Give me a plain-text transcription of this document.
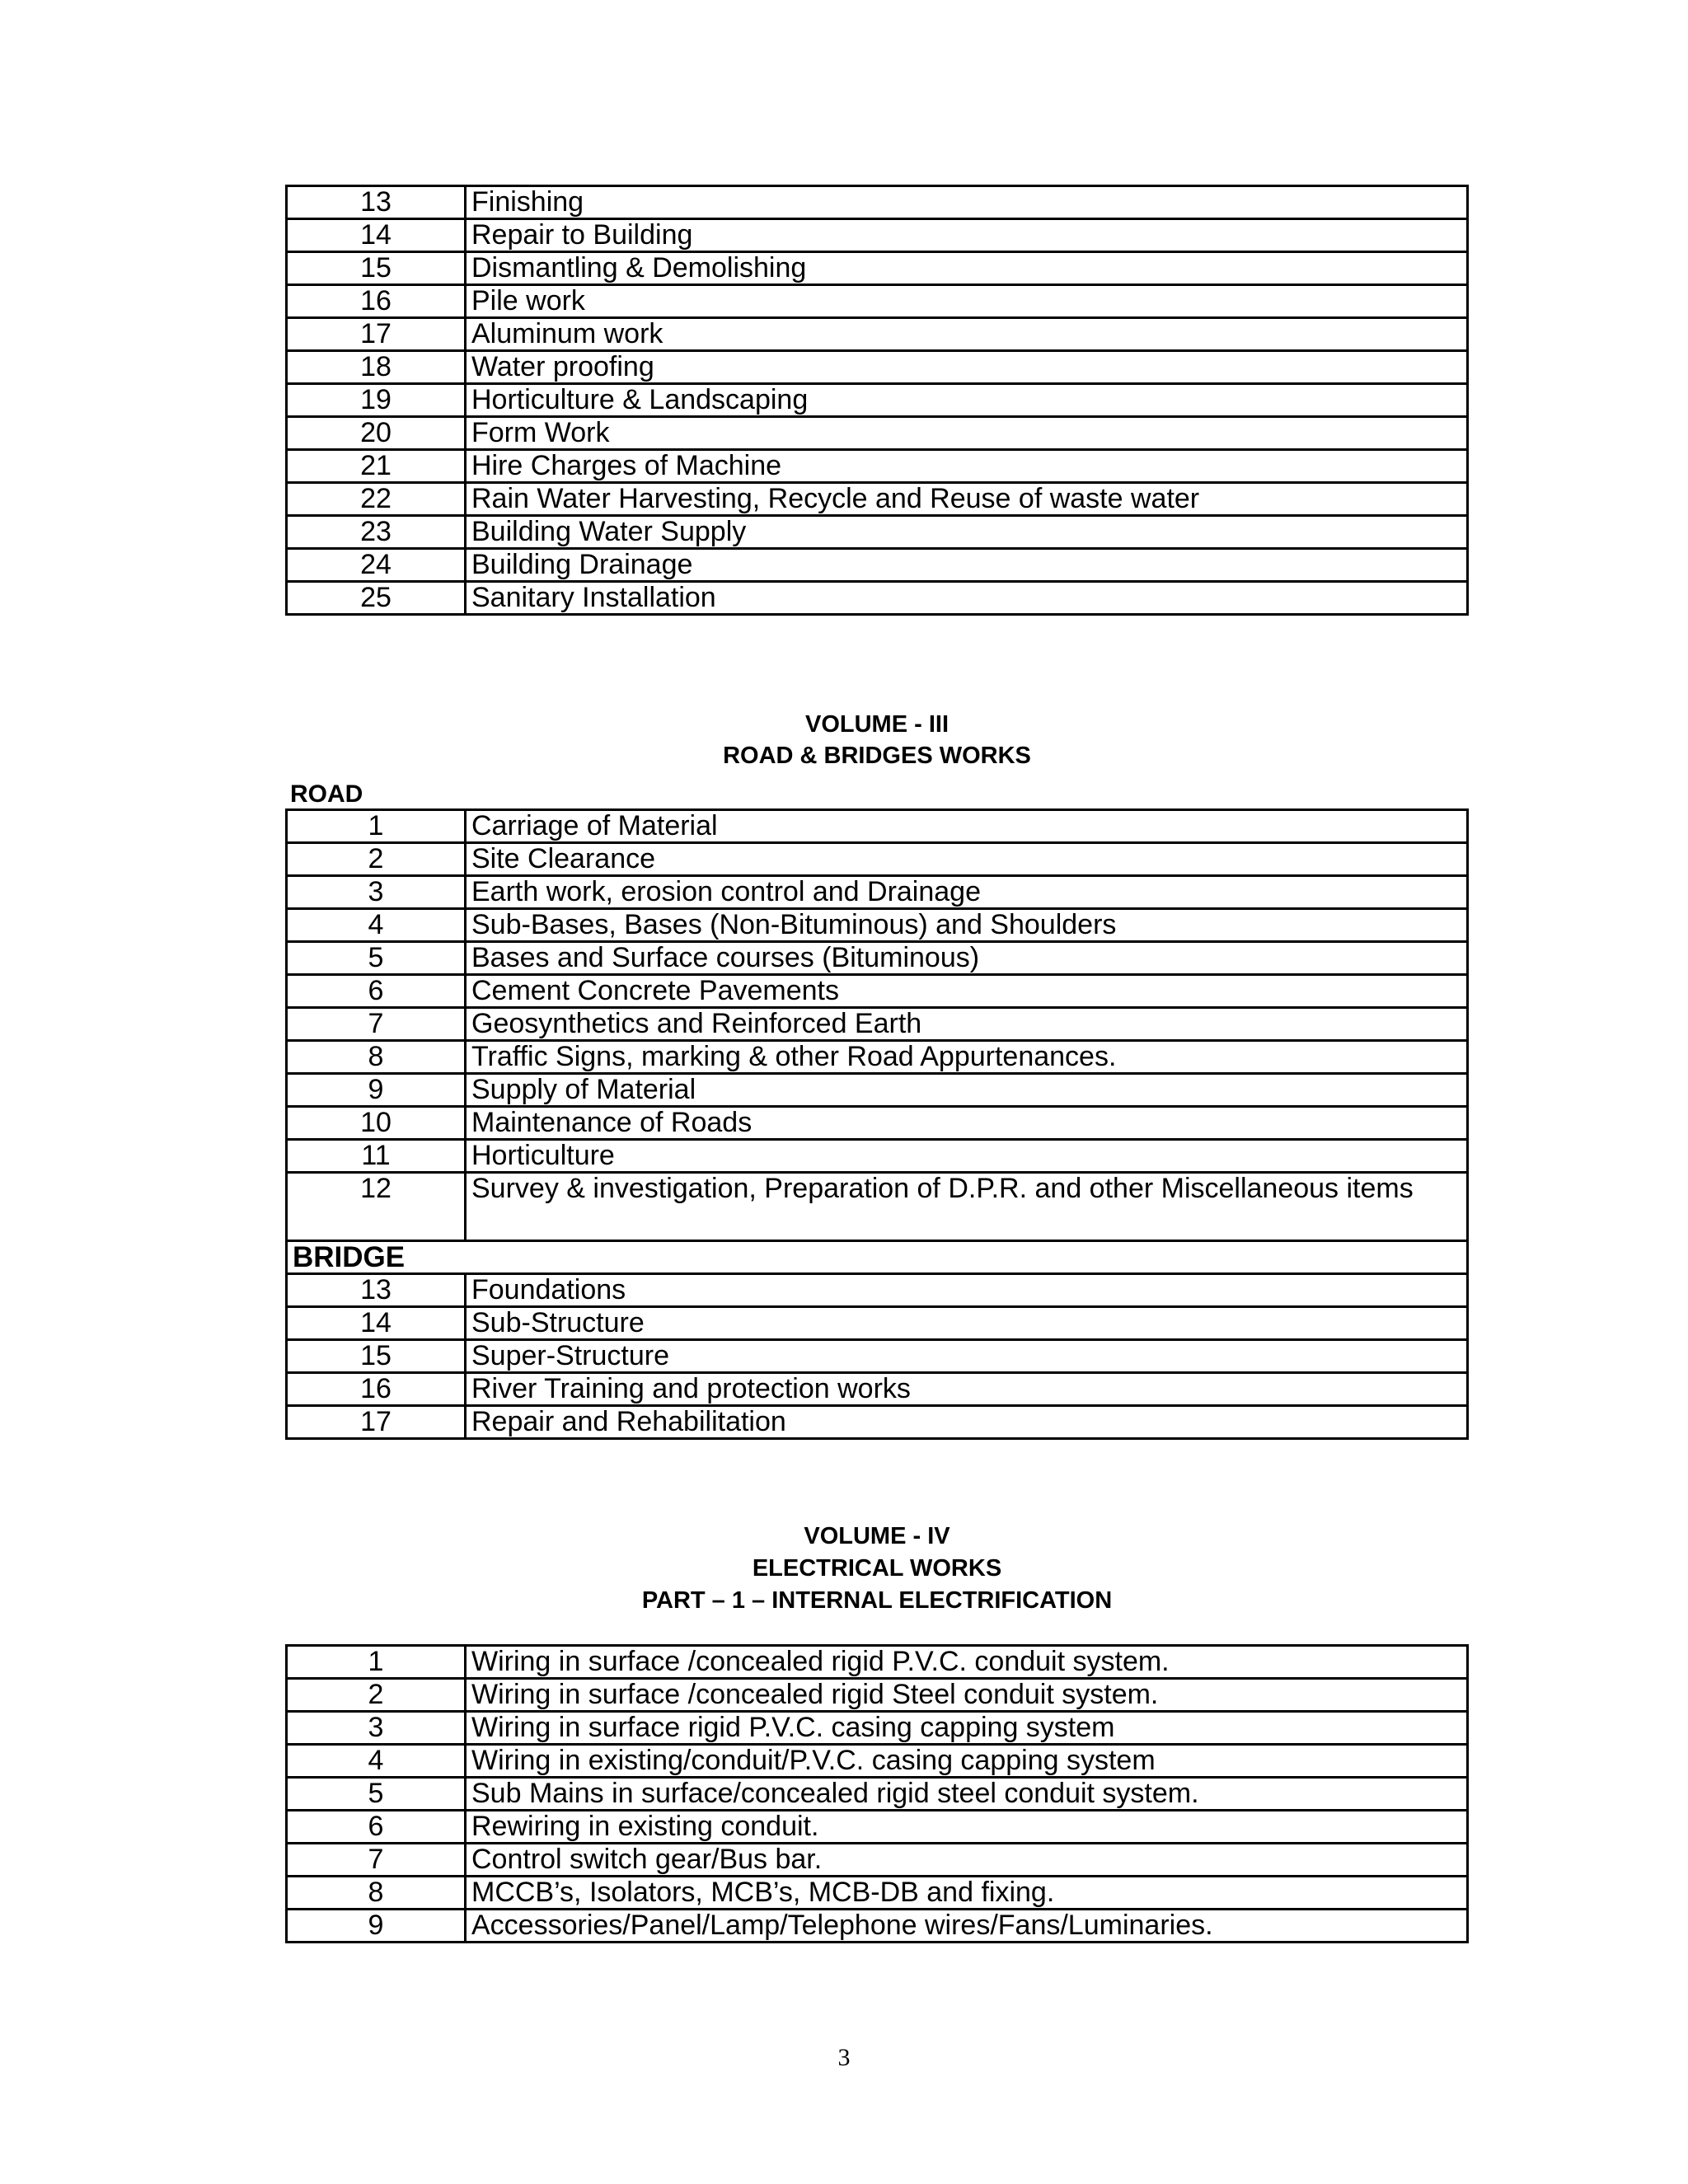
13	Finishing
14	Repair to Building
15	Dismantling & Demolishing
16	Pile work
17	Aluminum work
18	Water proofing
19	Horticulture & Landscaping
20	Form Work
21	Hire Charges of Machine
22	Rain Water Harvesting, Recycle and Reuse of waste water
23	Building Water Supply
24	Building Drainage
25	Sanitary Installation
VOLUME - III
ROAD & BRIDGES WORKS
ROAD
1	Carriage of Material
2	Site Clearance
3	Earth work, erosion control and Drainage
4	Sub-Bases, Bases (Non-Bituminous) and Shoulders
5	Bases and Surface courses (Bituminous)
6	Cement Concrete Pavements
7	Geosynthetics and Reinforced Earth
8	Traffic Signs, marking & other Road Appurtenances.
9	Supply of Material
10	Maintenance of Roads
11	Horticulture
12	Survey & investigation, Preparation of D.P.R. and other Miscellaneous items
BRIDGE	
13	Foundations
14	Sub-Structure
15	Super-Structure
16	River Training and protection works
17	Repair and Rehabilitation
VOLUME - IV
ELECTRICAL WORKS
PART – 1 – INTERNAL ELECTRIFICATION
1	Wiring in surface /concealed rigid P.V.C. conduit system.
2	Wiring in surface /concealed rigid Steel conduit system.
3	Wiring in surface rigid P.V.C. casing capping system
4	Wiring in existing/conduit/P.V.C. casing capping system
5	Sub Mains in surface/concealed rigid steel conduit system.
6	Rewiring in existing conduit.
7	Control switch gear/Bus bar.
8	MCCB’s, Isolators, MCB’s, MCB-DB and fixing.
9	Accessories/Panel/Lamp/Telephone wires/Fans/Luminaries.
3
